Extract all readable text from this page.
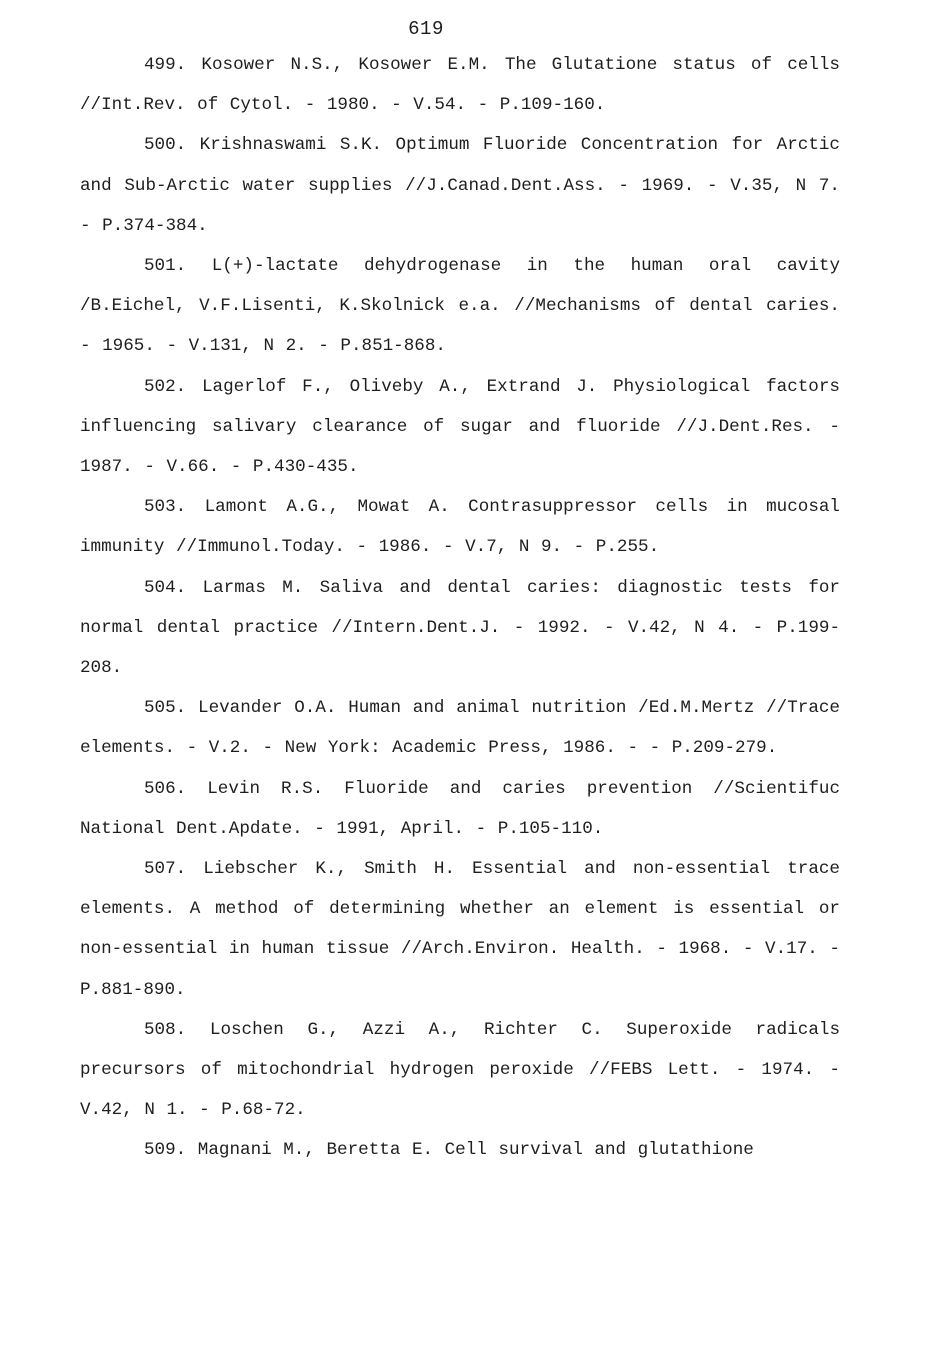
619

499. Kosower N.S., Kosower E.M. The Glutatione status of cells //Int.Rev. of Cytol. - 1980. - V.54. - P.109-160.

500. Krishnaswami S.K. Optimum Fluoride Concentration for Arctic and Sub-Arctic water supplies //J.Canad.Dent.Ass. - 1969. - V.35, N 7. - P.374-384.

501. L(+)-lactate dehydrogenase in the human oral cavity /B.Eichel, V.F.Lisenti, K.Skolnick e.a. //Mechanisms of dental caries. - 1965. - V.131, N 2. - P.851-868.

502. Lagerlof F., Oliveby A., Extrand J. Physiological factors influencing salivary clearance of sugar and fluoride //J.Dent.Res. - 1987. - V.66. - P.430-435.

503. Lamont A.G., Mowat A. Contrasuppressor cells in mucosal immunity //Immunol.Today. - 1986. - V.7, N 9. - P.255.

504. Larmas M. Saliva and dental caries: diagnostic tests for normal dental practice //Intern.Dent.J. - 1992. - V.42, N 4. - P.199-208.

505. Levander O.A. Human and animal nutrition /Ed.M.Mertz //Trace elements. - V.2. - New York: Academic Press, 1986. - - P.209-279.

506. Levin R.S. Fluoride and caries prevention //Scientifuc National Dent.Apdate. - 1991, April. - P.105-110.

507. Liebscher K., Smith H. Essential and non-essential trace elements. A method of determining whether an element is essential or non-essential in human tissue //Arch.Environ. Health. - 1968. - V.17. - P.881-890.

508. Loschen G., Azzi A., Richter C. Superoxide radicals precursors of mitochondrial hydrogen peroxide //FEBS Lett. - 1974. - V.42, N 1. - P.68-72.

509. Magnani M., Beretta E. Cell survival and glutathione
